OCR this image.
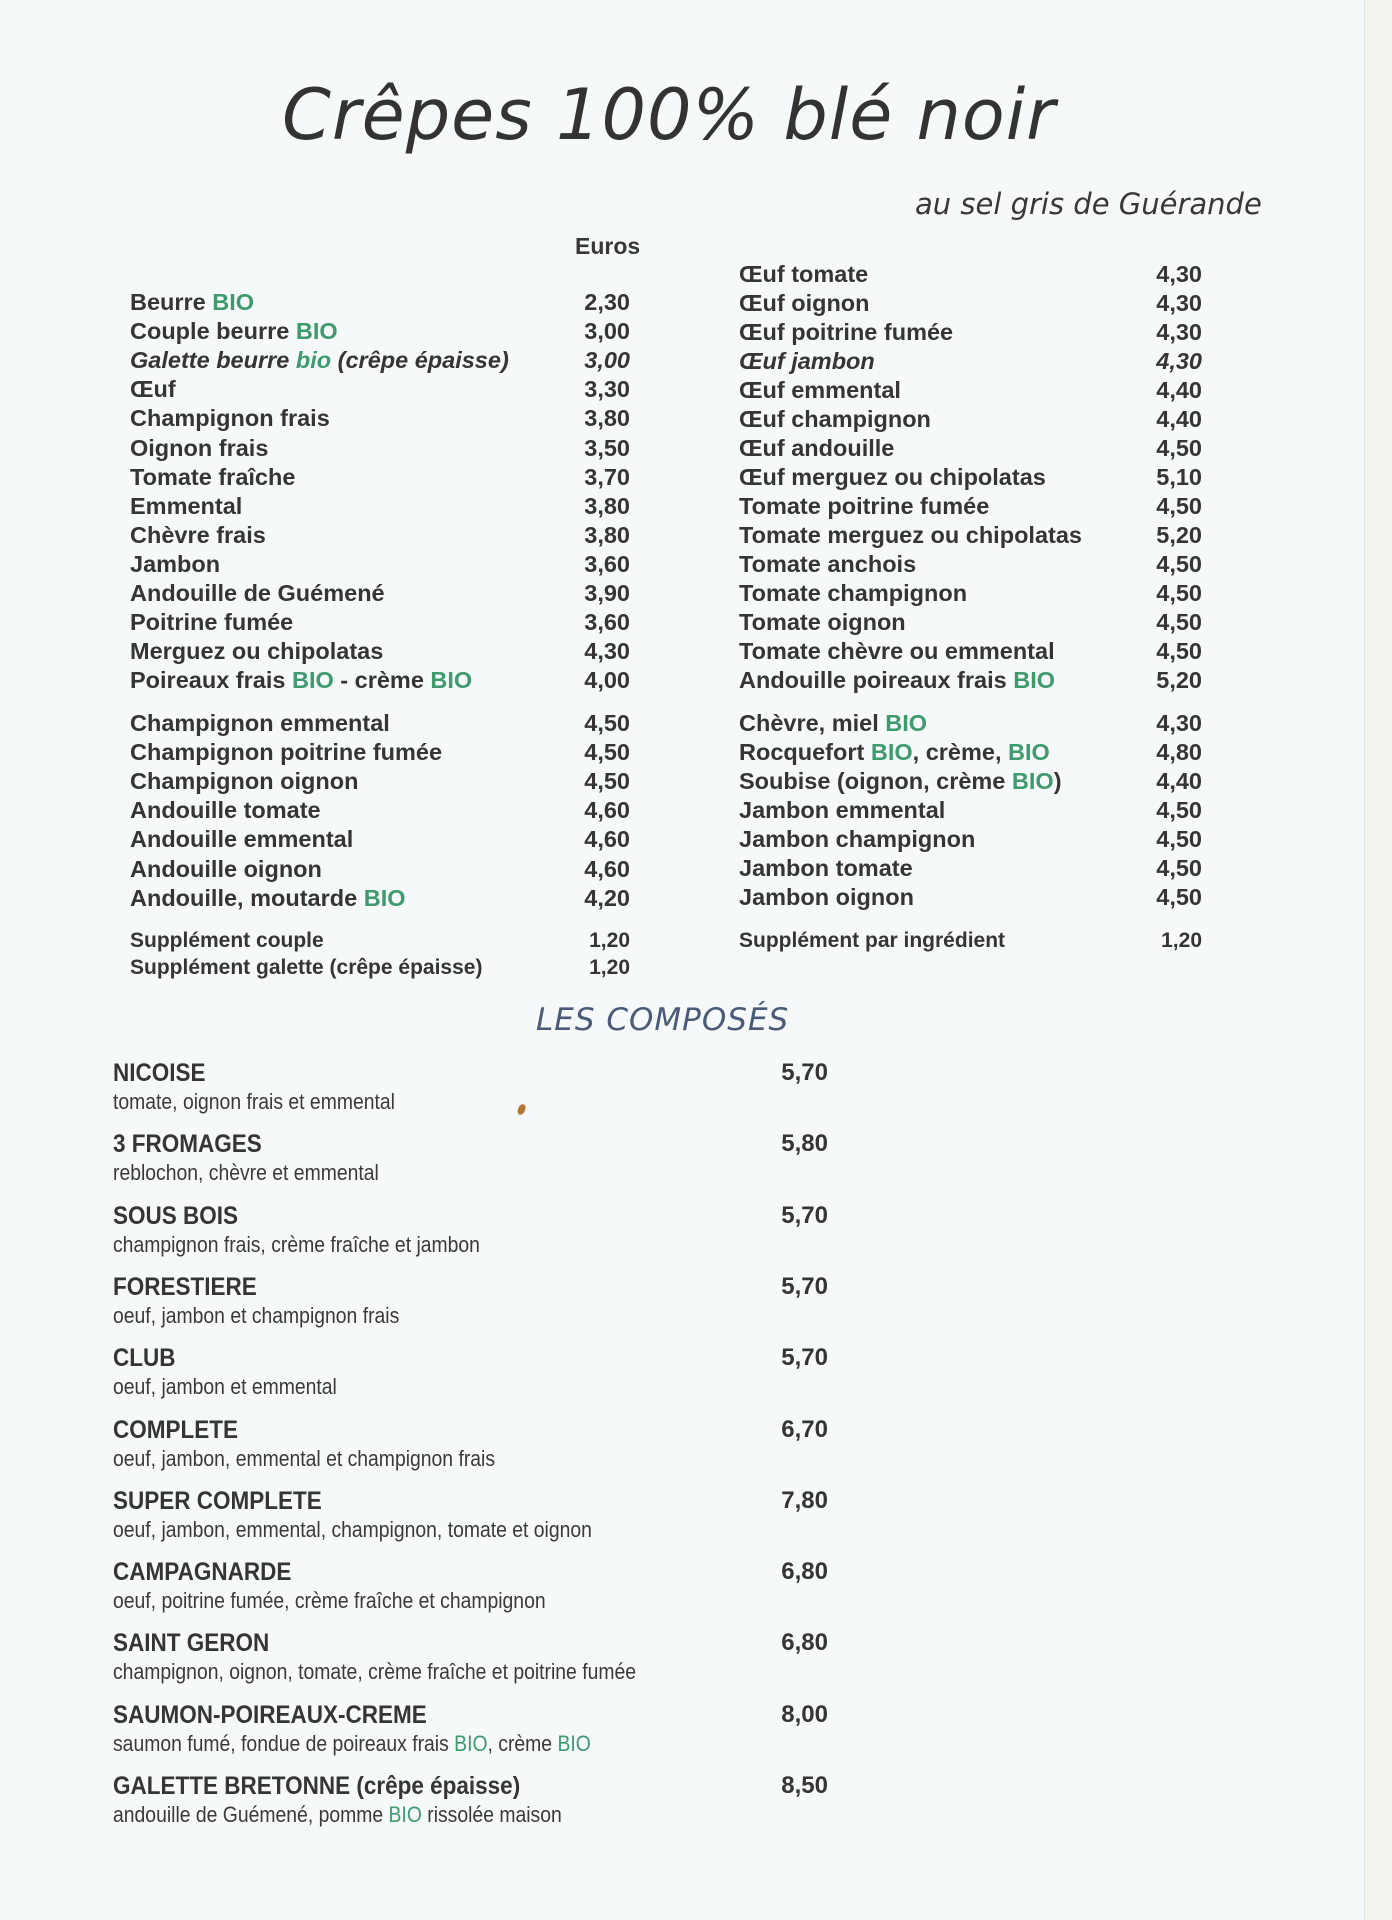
Crêpes 100% blé noir
au sel gris de Guérande
Euros
Beurre BIO	2,30
Couple beurre BIO	3,00
Galette beurre bio (crêpe épaisse)	3,00
Œuf	3,30
Champignon frais	3,80
Oignon frais	3,50
Tomate fraîche	3,70
Emmental	3,80
Chèvre frais	3,80
Jambon	3,60
Andouille de Guémené	3,90
Poitrine fumée	3,60
Merguez ou chipolatas	4,30
Poireaux frais BIO - crème BIO	4,00
Champignon emmental	4,50
Champignon poitrine fumée	4,50
Champignon oignon	4,50
Andouille tomate	4,60
Andouille emmental	4,60
Andouille oignon	4,60
Andouille, moutarde BIO	4,20
Supplément couple	1,20
Supplément galette (crêpe épaisse)	1,20
Œuf tomate	4,30
Œuf oignon	4,30
Œuf poitrine fumée	4,30
Œuf jambon	4,30
Œuf emmental	4,40
Œuf champignon	4,40
Œuf andouille	4,50
Œuf merguez ou chipolatas	5,10
Tomate poitrine fumée	4,50
Tomate merguez ou chipolatas	5,20
Tomate anchois	4,50
Tomate champignon	4,50
Tomate oignon	4,50
Tomate chèvre ou emmental	4,50
Andouille poireaux frais BIO	5,20
Chèvre, miel BIO	4,30
Rocquefort BIO, crème, BIO	4,80
Soubise (oignon, crème BIO)	4,40
Jambon emmental	4,50
Jambon champignon	4,50
Jambon tomate	4,50
Jambon oignon	4,50
Supplément par ingrédient	1,20
LES COMPOSÉS
NICOISE	5,70
tomate, oignon frais et emmental
3 FROMAGES	5,80
reblochon, chèvre et emmental
SOUS BOIS	5,70
champignon frais, crème fraîche et jambon
FORESTIERE	5,70
oeuf, jambon et champignon frais
CLUB	5,70
oeuf, jambon et emmental
COMPLETE	6,70
oeuf, jambon, emmental et champignon frais
SUPER COMPLETE	7,80
oeuf, jambon, emmental, champignon, tomate et oignon
CAMPAGNARDE	6,80
oeuf, poitrine fumée, crème fraîche et champignon
SAINT GERON	6,80
champignon, oignon, tomate, crème fraîche et poitrine fumée
SAUMON-POIREAUX-CREME	8,00
saumon fumé, fondue de poireaux frais BIO, crème BIO
GALETTE BRETONNE (crêpe épaisse)	8,50
andouille de Guémené, pomme BIO rissolée maison
